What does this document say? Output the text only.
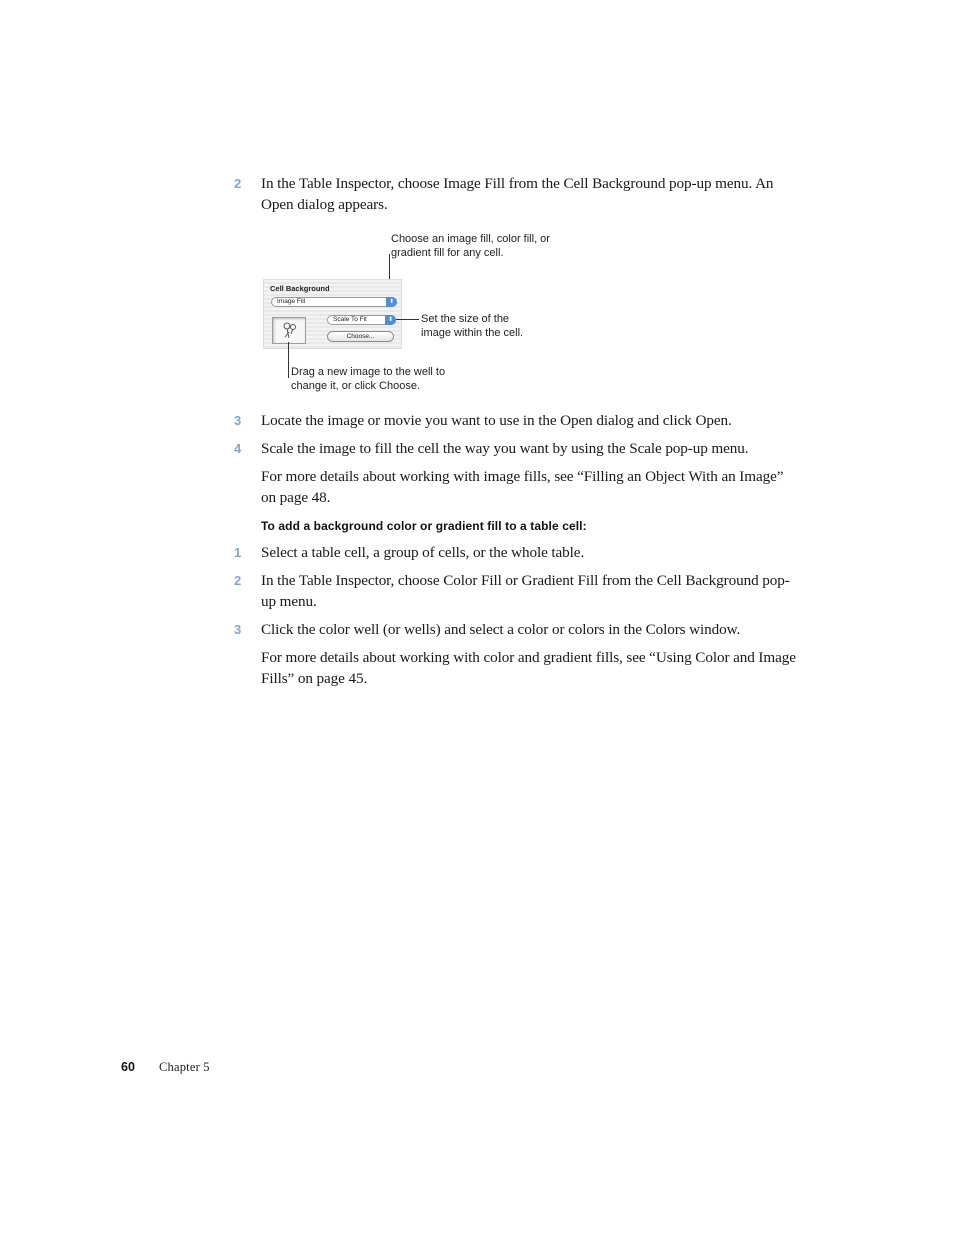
2	In the Table Inspector, choose Image Fill from the Cell Background pop-up menu. An Open dialog appears.
Choose an image fill, color fill, or
gradient fill for any cell.
Cell Background
Image Fill	⬍
Scale To Fit	⬍
Choose...
Set the size of the
image within the cell.
Drag a new image to the well to
change it, or click Choose.
3	Locate the image or movie you want to use in the Open dialog and click Open.
4	Scale the image to fill the cell the way you want by using the Scale pop-up menu.
For more details about working with image fills, see “Filling an Object With an Image” on page 48.
To add a background color or gradient fill to a table cell:
1	Select a table cell, a group of cells, or the whole table.
2	In the Table Inspector, choose Color Fill or Gradient Fill from the Cell Background pop-up menu.
3	Click the color well (or wells) and select a color or colors in the Colors window.
For more details about working with color and gradient fills, see “Using Color and Image Fills” on page 45.
60 Chapter 5
